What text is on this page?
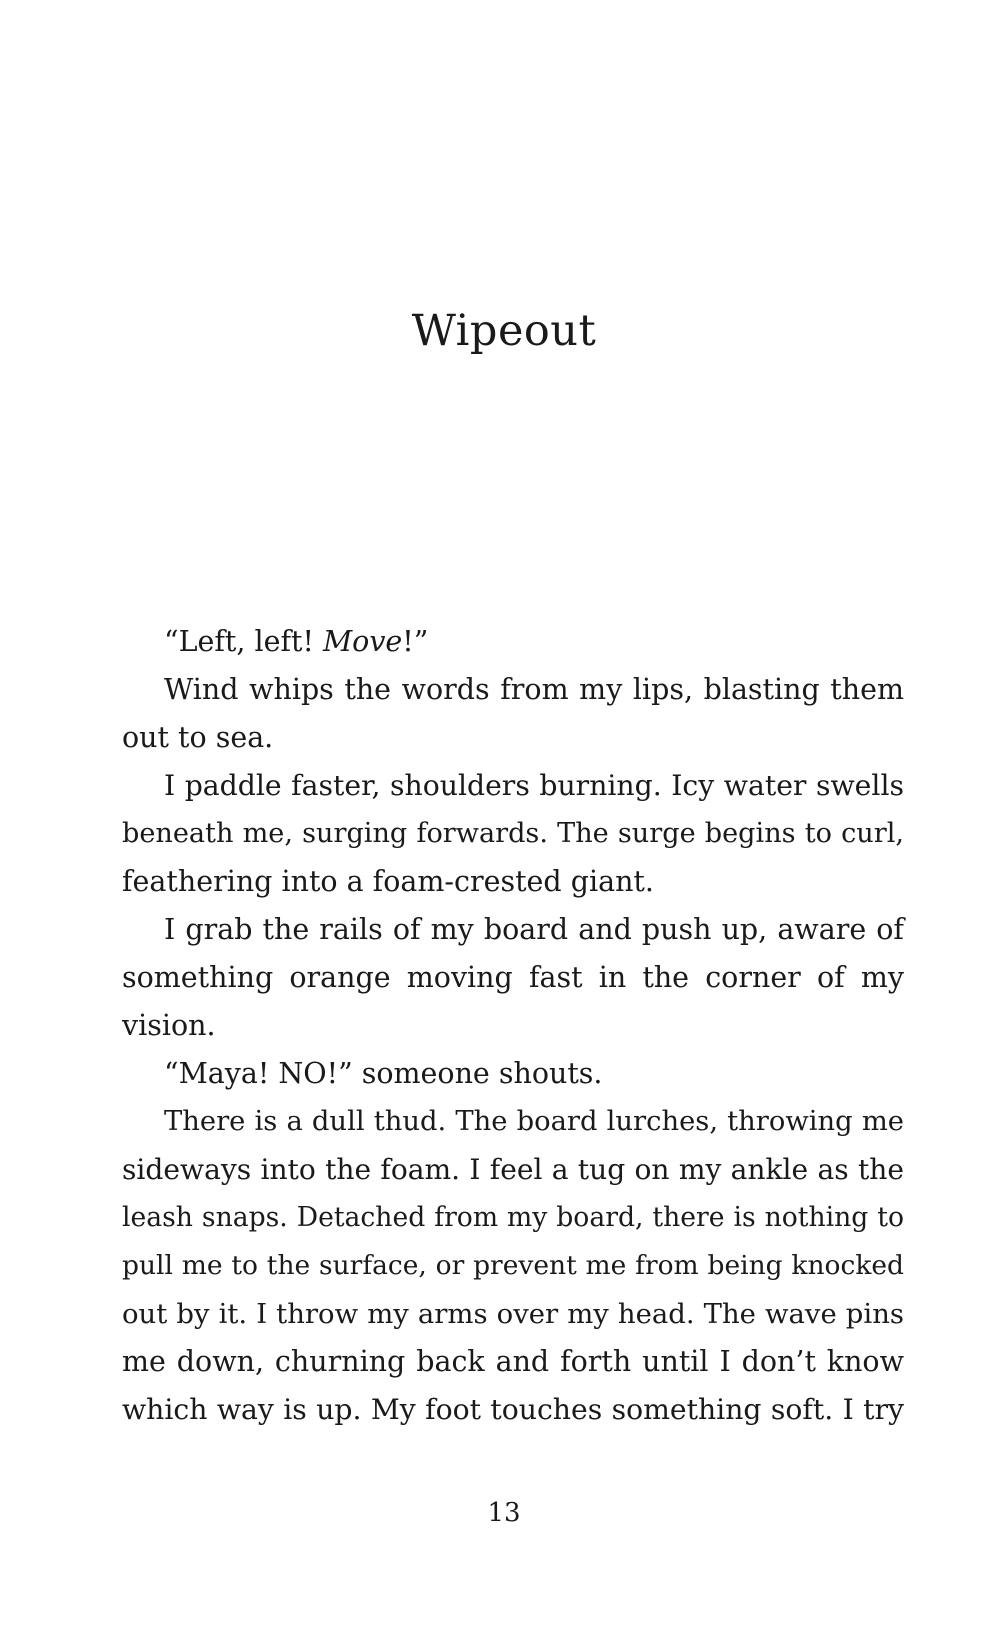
Wipeout

“Left, left! Move!”

Wind whips the words from my lips, blasting them

out to sea.

I paddle faster, shoulders burning. Icy water swells

beneath me, surging forwards. The surge begins to curl,

feathering into a foam-crested giant.

I grab the rails of my board and push up, aware of

something orange moving fast in the corner of my

vision.

“Maya! NO!” someone shouts.

There is a dull thud. The board lurches, throwing me

sideways into the foam. I feel a tug on my ankle as the

leash snaps. Detached from my board, there is nothing to

pull me to the surface, or prevent me from being knocked

out by it. I throw my arms over my head. The wave pins

me down, churning back and forth until I don’t know

which way is up. My foot touches something soft. I try

13
